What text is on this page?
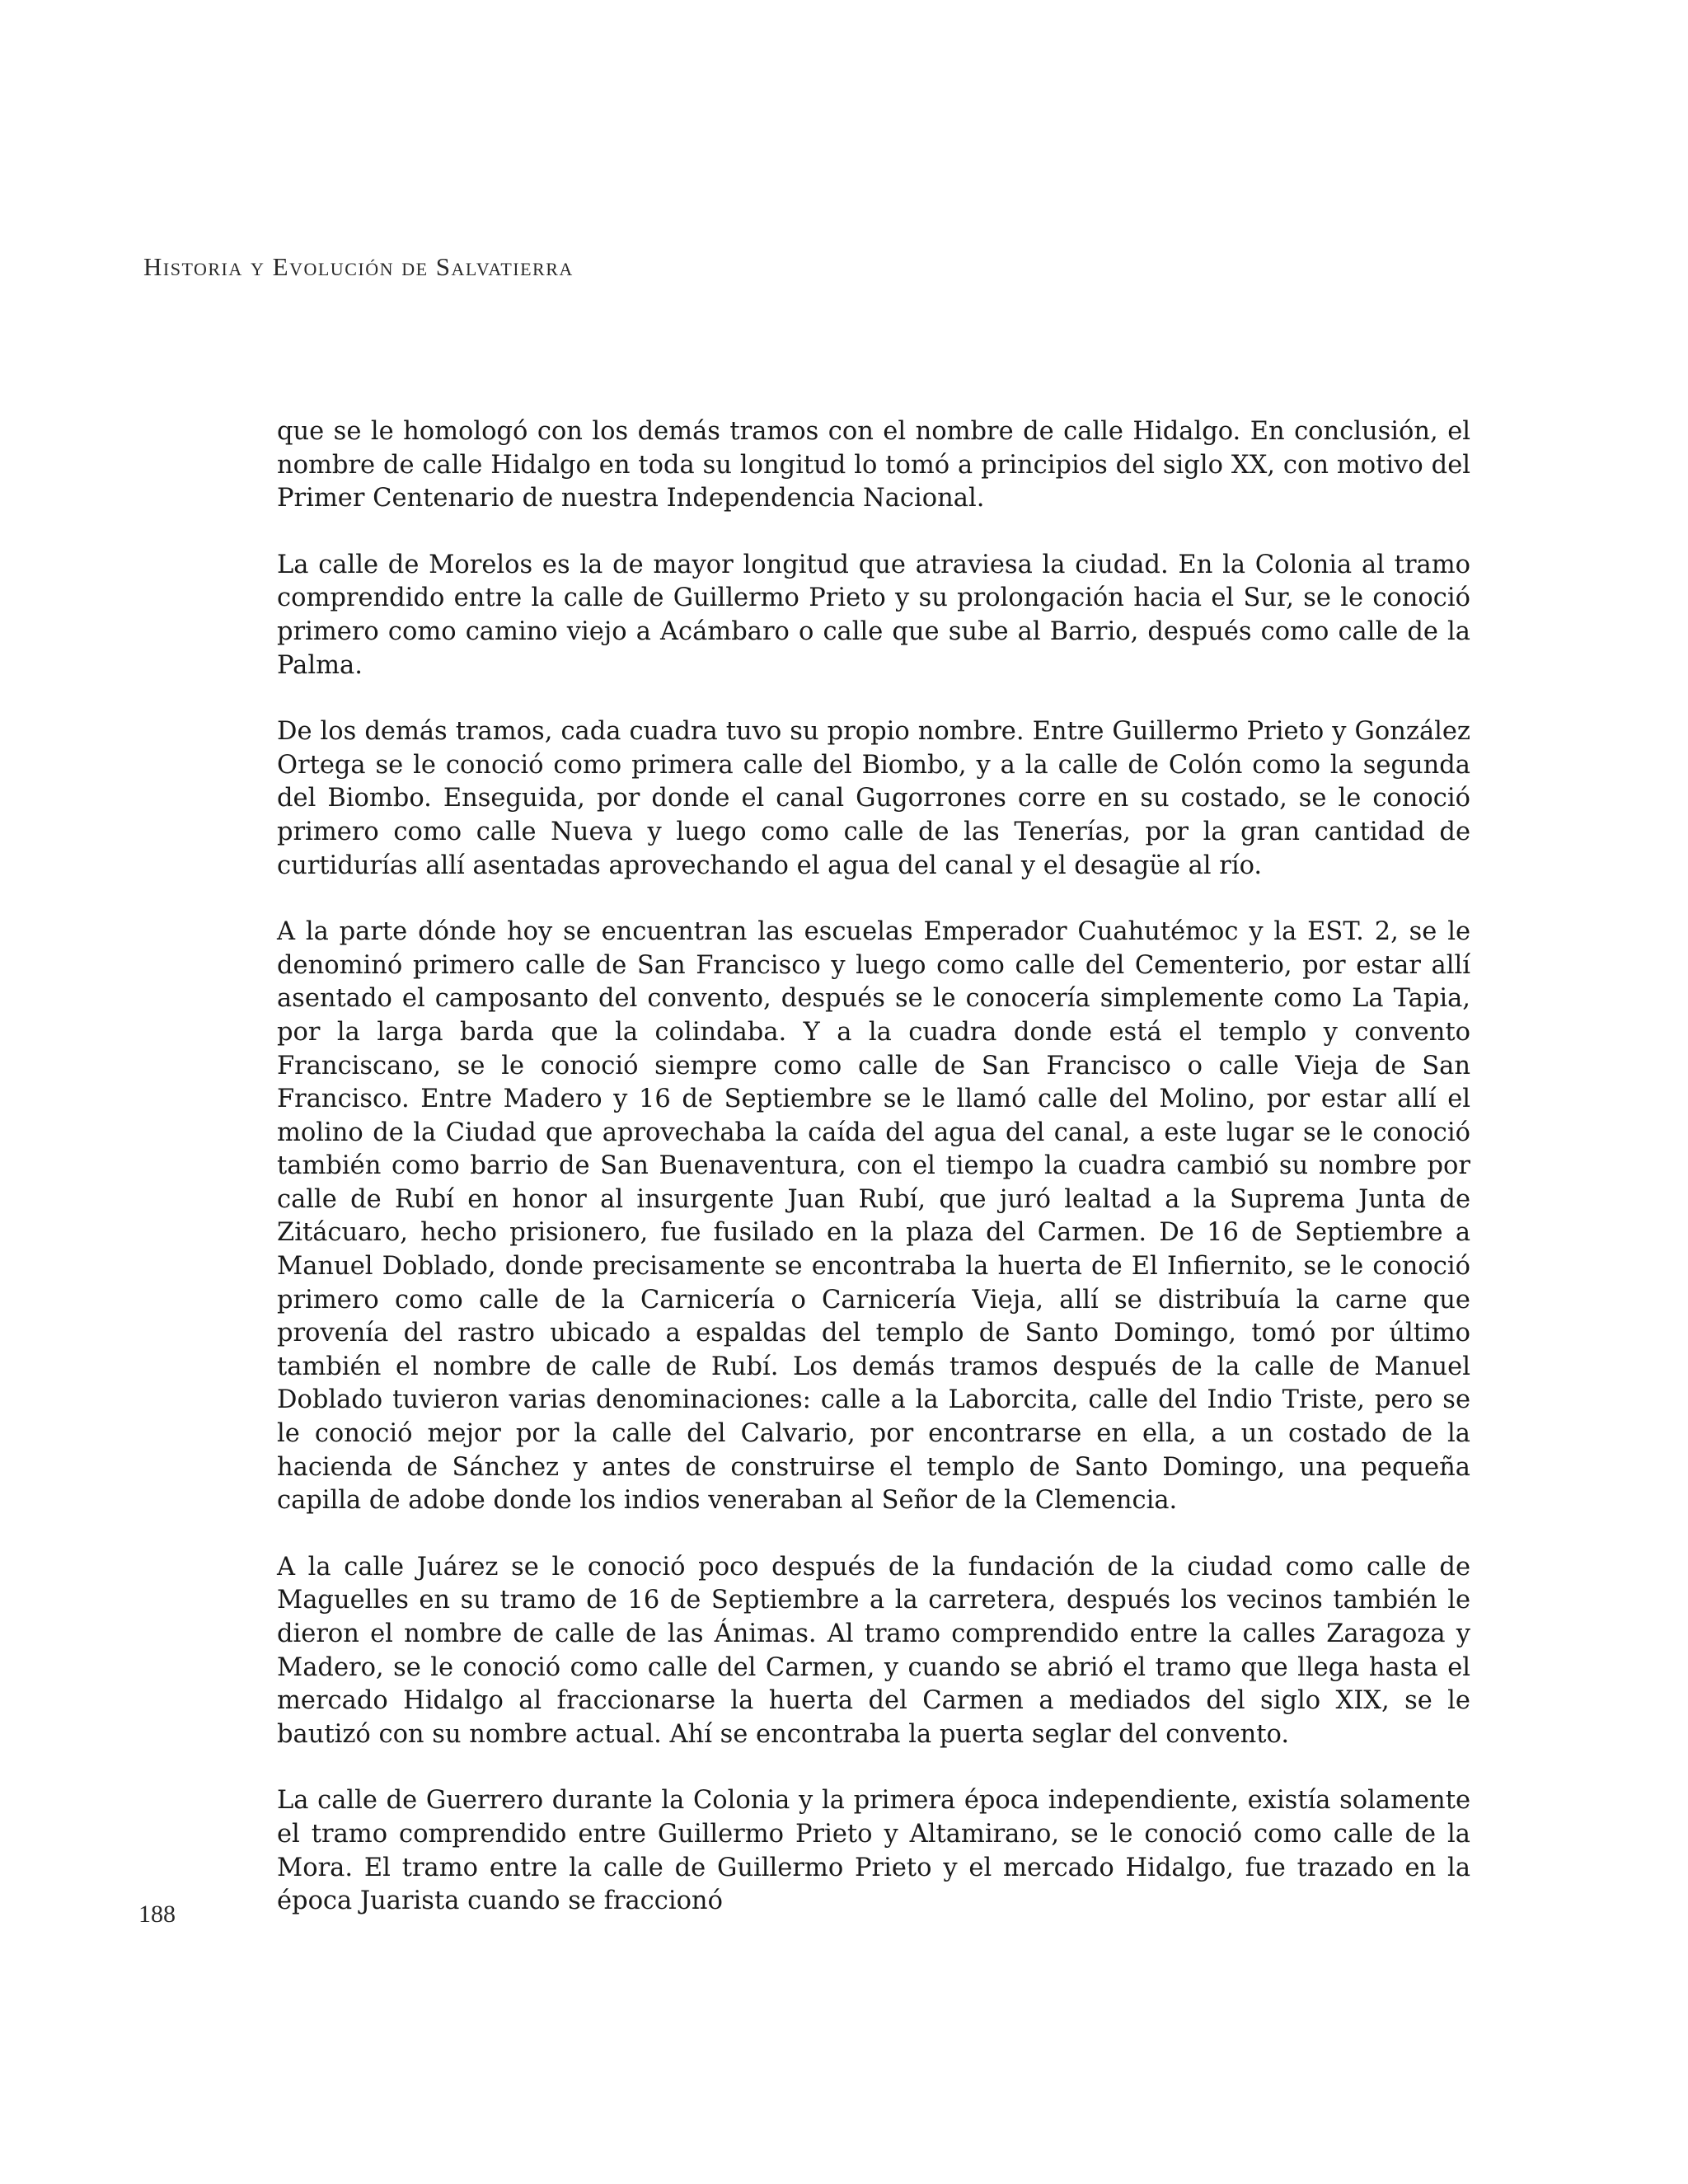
Historia y Evolución de Salvatierra

que se le homologó con los demás tramos con el nombre de calle Hidalgo. En conclusión, el nombre de calle Hidalgo en toda su longitud lo tomó a principios del siglo XX, con motivo del Primer Centenario de nuestra Independencia Nacional.

La calle de Morelos es la de mayor longitud que atraviesa la ciudad. En la Colonia al tramo comprendido entre la calle de Guillermo Prieto y su prolongación hacia el Sur, se le conoció primero como camino viejo a Acámbaro o calle que sube al Barrio, después como calle de la Palma.

De los demás tramos, cada cuadra tuvo su propio nombre. Entre Guillermo Prieto y González Ortega se le conoció como primera calle del Biombo, y a la calle de Colón como la segunda del Biombo. Enseguida, por donde el canal Gugorrones corre en su costado, se le conoció primero como calle Nueva y luego como calle de las Tenerías, por la gran cantidad de curtidurías allí asentadas aprovechando el agua del canal y el desagüe al río.

A la parte dónde hoy se encuentran las escuelas Emperador Cuahutémoc y la EST. 2, se le denominó primero calle de San Francisco y luego como calle del Cementerio, por estar allí asentado el camposanto del convento, después se le conocería simplemente como La Tapia, por la larga barda que la colindaba. Y a la cuadra donde está el templo y convento Franciscano, se le conoció siempre como calle de San Francisco o calle Vieja de San Francisco. Entre Madero y 16 de Septiembre se le llamó calle del Molino, por estar allí el molino de la Ciudad que aprovechaba la caída del agua del canal, a este lugar se le conoció también como barrio de San Buenaventura, con el tiempo la cuadra cambió su nombre por calle de Rubí en honor al insurgente Juan Rubí, que juró lealtad a la Suprema Junta de Zitácuaro, hecho prisionero, fue fusilado en la plaza del Carmen. De 16 de Septiembre a Manuel Doblado, donde precisamente se encontraba la huerta de El Infiernito, se le conoció primero como calle de la Carnicería o Carnicería Vieja, allí se distribuía la carne que provenía del rastro ubicado a espaldas del templo de Santo Domingo, tomó por último también el nombre de calle de Rubí. Los demás tramos después de la calle de Manuel Doblado tuvieron varias denominaciones: calle a la Laborcita, calle del Indio Triste, pero se le conoció mejor por la calle del Calvario, por encontrarse en ella, a un costado de la hacienda de Sánchez y antes de construirse el templo de Santo Domingo, una pequeña capilla de adobe donde los indios veneraban al Señor de la Clemencia.

A la calle Juárez se le conoció poco después de la fundación de la ciudad como calle de Maguelles en su tramo de 16 de Septiembre a la carretera, después los vecinos también le dieron el nombre de calle de las Ánimas. Al tramo comprendido entre la calles Zaragoza y Madero, se le conoció como calle del Carmen, y cuando se abrió el tramo que llega hasta el mercado Hidalgo al fraccionarse la huerta del Carmen a mediados del siglo XIX, se le bautizó con su nombre actual. Ahí se encontraba la puerta seglar del convento.

La calle de Guerrero durante la Colonia y la primera época independiente, existía solamente el tramo comprendido entre Guillermo Prieto y Altamirano, se le conoció como calle de la Mora. El tramo entre la calle de Guillermo Prieto y el mercado Hidalgo, fue trazado en la época Juarista cuando se fraccionó

188
